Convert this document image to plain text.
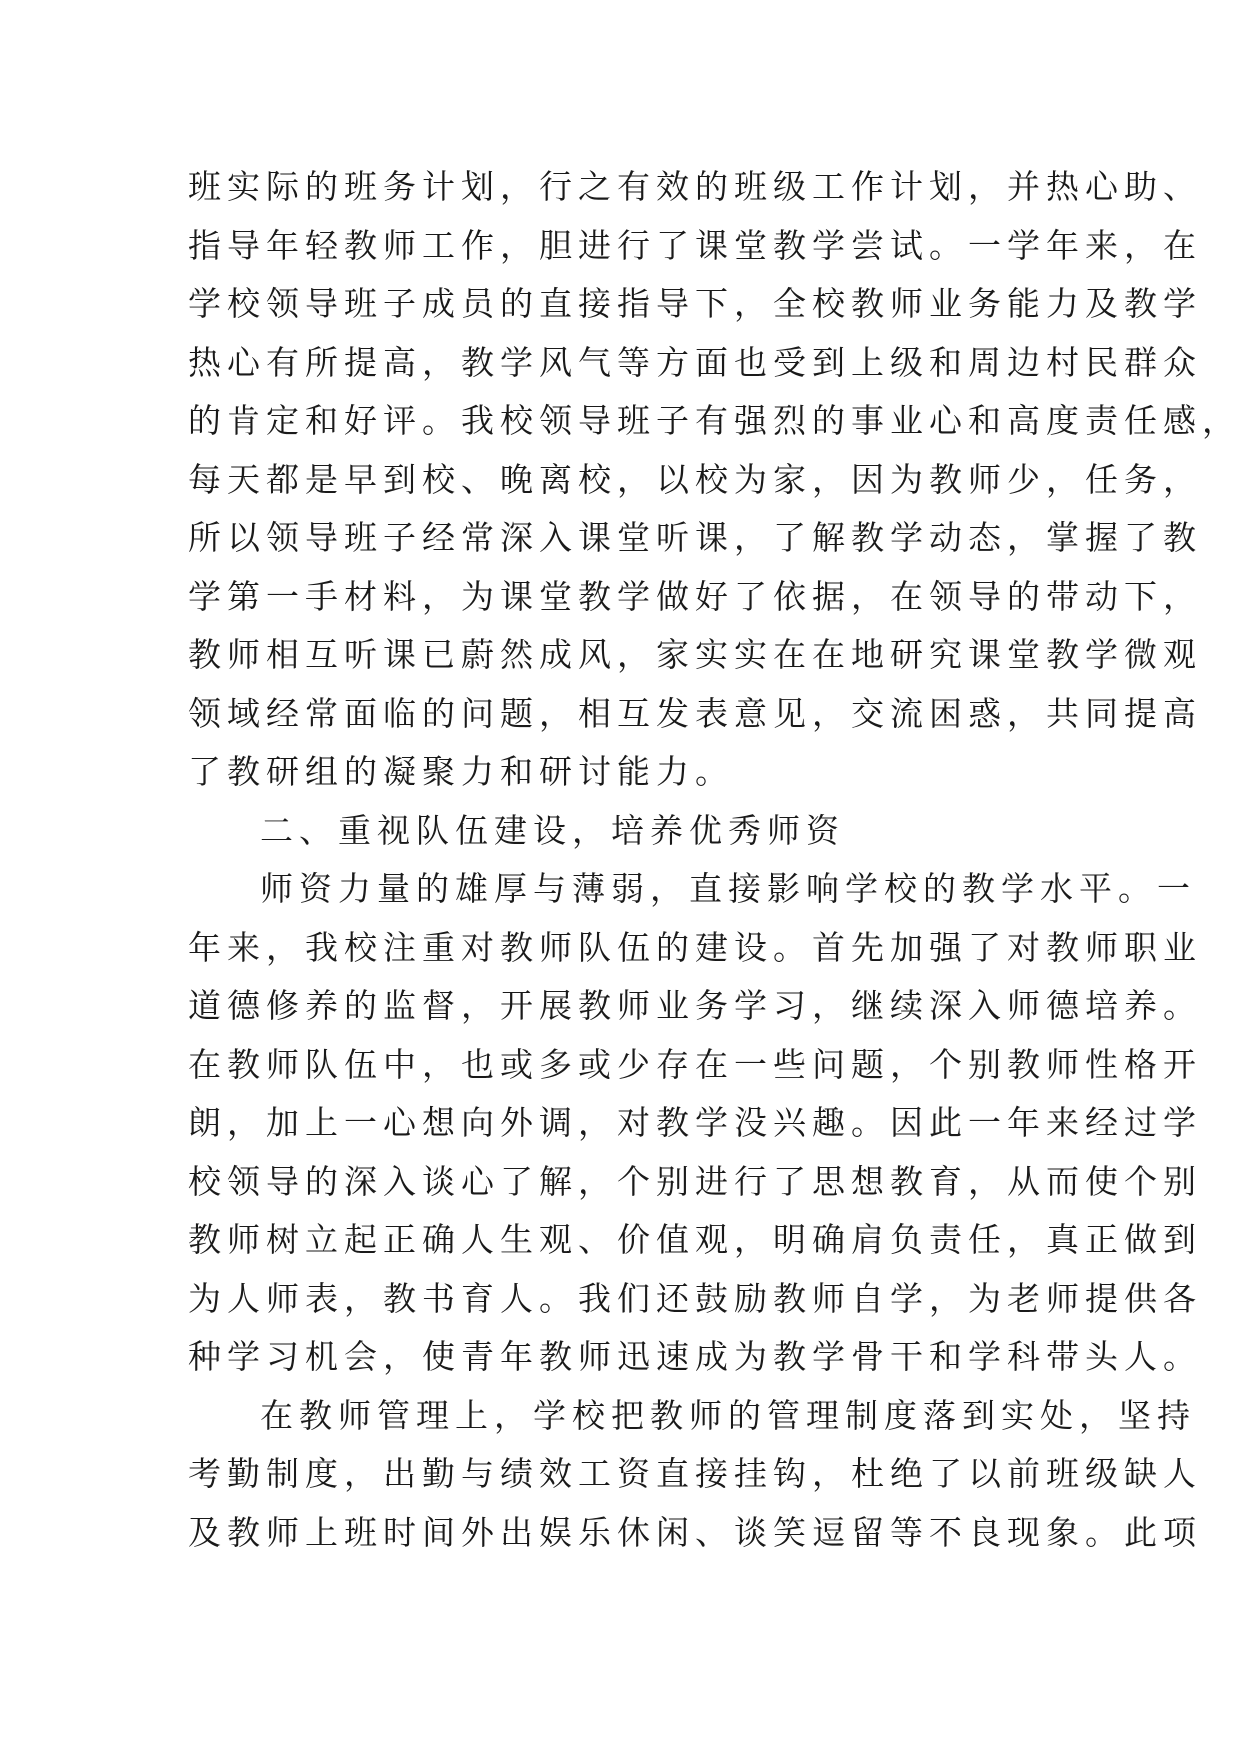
班实际的班务计划，行之有效的班级工作计划，并热心助、
指导年轻教师工作，胆进行了课堂教学尝试。一学年来，在
学校领导班子成员的直接指导下，全校教师业务能力及教学
热心有所提高，教学风气等方面也受到上级和周边村民群众
的肯定和好评。我校领导班子有强烈的事业心和高度责任感，
每天都是早到校、晚离校，以校为家，因为教师少，任务，
所以领导班子经常深入课堂听课，了解教学动态，掌握了教
学第一手材料，为课堂教学做好了依据，在领导的带动下，
教师相互听课已蔚然成风，家实实在在地研究课堂教学微观
领域经常面临的问题，相互发表意见，交流困惑，共同提高
了教研组的凝聚力和研讨能力。
二、重视队伍建设，培养优秀师资
师资力量的雄厚与薄弱，直接影响学校的教学水平。一
年来，我校注重对教师队伍的建设。首先加强了对教师职业
道德修养的监督，开展教师业务学习，继续深入师德培养。
在教师队伍中，也或多或少存在一些问题，个别教师性格开
朗，加上一心想向外调，对教学没兴趣。因此一年来经过学
校领导的深入谈心了解，个别进行了思想教育，从而使个别
教师树立起正确人生观、价值观，明确肩负责任，真正做到
为人师表，教书育人。我们还鼓励教师自学，为老师提供各
种学习机会，使青年教师迅速成为教学骨干和学科带头人。
在教师管理上，学校把教师的管理制度落到实处，坚持
考勤制度，出勤与绩效工资直接挂钩，杜绝了以前班级缺人
及教师上班时间外出娱乐休闲、谈笑逗留等不良现象。此项
